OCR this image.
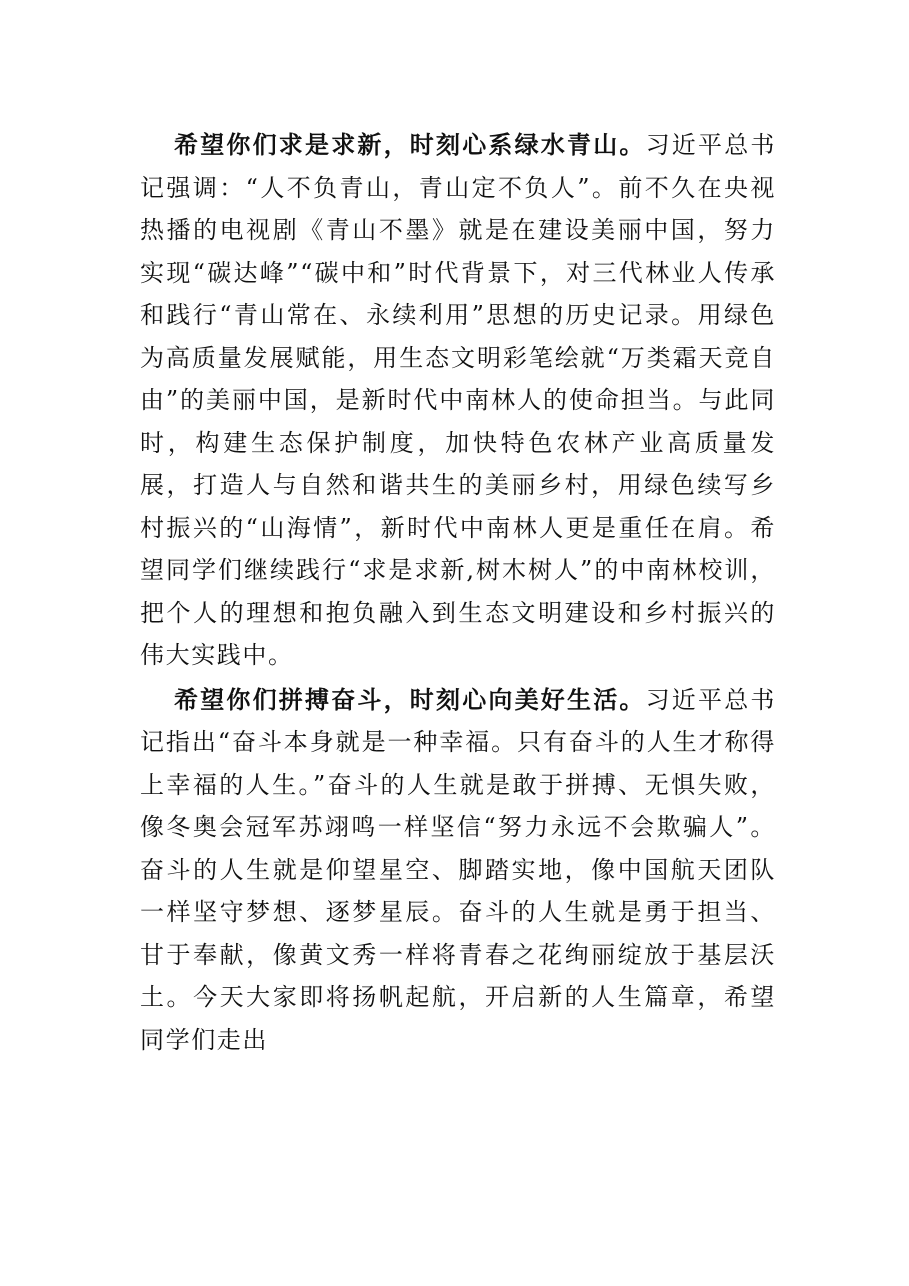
希望你们求是求新，时刻心系绿水青山。习近平总书记强调：“人不负青山，青山定不负人”。前不久在央视热播的电视剧《青山不墨》就是在建设美丽中国，努力实现“碳达峰”“碳中和”时代背景下，对三代林业人传承和践行“青山常在、永续利用”思想的历史记录。用绿色为高质量发展赋能，用生态文明彩笔绘就“万类霜天竞自由”的美丽中国，是新时代中南林人的使命担当。与此同时，构建生态保护制度，加快特色农林产业高质量发展，打造人与自然和谐共生的美丽乡村，用绿色续写乡村振兴的“山海情”，新时代中南林人更是重任在肩。希望同学们继续践行“求是求新,树木树人”的中南林校训，把个人的理想和抱负融入到生态文明建设和乡村振兴的伟大实践中。

希望你们拼搏奋斗，时刻心向美好生活。习近平总书记指出“奋斗本身就是一种幸福。只有奋斗的人生才称得上幸福的人生。”奋斗的人生就是敢于拼搏、无惧失败，像冬奥会冠军苏翊鸣一样坚信“努力永远不会欺骗人”。奋斗的人生就是仰望星空、脚踏实地，像中国航天团队一样坚守梦想、逐梦星辰。奋斗的人生就是勇于担当、甘于奉献，像黄文秀一样将青春之花绚丽绽放于基层沃土。今天大家即将扬帆起航，开启新的人生篇章，希望同学们走出
